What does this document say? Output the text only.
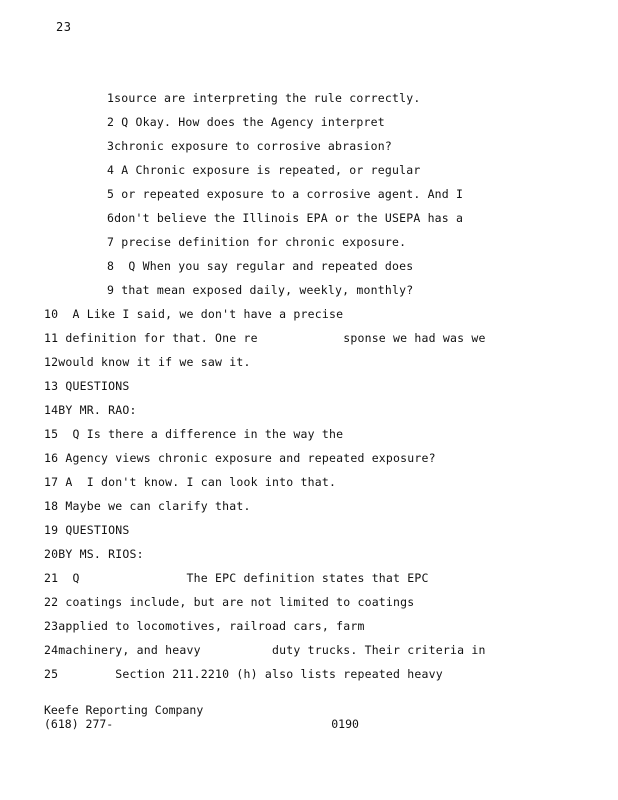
23
1source are interpreting the rule correctly.
2 Q Okay. How does the Agency interpret
3chronic exposure to corrosive abrasion?
4 A Chronic exposure is repeated, or regular
5 or repeated exposure to a corrosive agent. And I
6don't believe the Illinois EPA or the USEPA has a
7 precise definition for chronic exposure.
8  Q When you say regular and repeated does
9 that mean exposed daily, weekly, monthly?
10  A Like I said, we don't have a precise
11 definition for that. One re            sponse we had was we
12would know it if we saw it.
13 QUESTIONS
14BY MR. RAO:
15  Q Is there a difference in the way the
16 Agency views chronic exposure and repeated exposure?
17 A  I don't know. I can look into that.
18 Maybe we can clarify that.
19 QUESTIONS
20BY MS. RIOS:
21  Q               The EPC definition states that EPC
22 coatings include, but are not limited to coatings
23applied to locomotives, railroad cars, farm
24machinery, and heavy          duty trucks. Their criteria in
25        Section 211.2210 (h) also lists repeated heavy
Keefe Reporting Company
(618) 277-	0190
